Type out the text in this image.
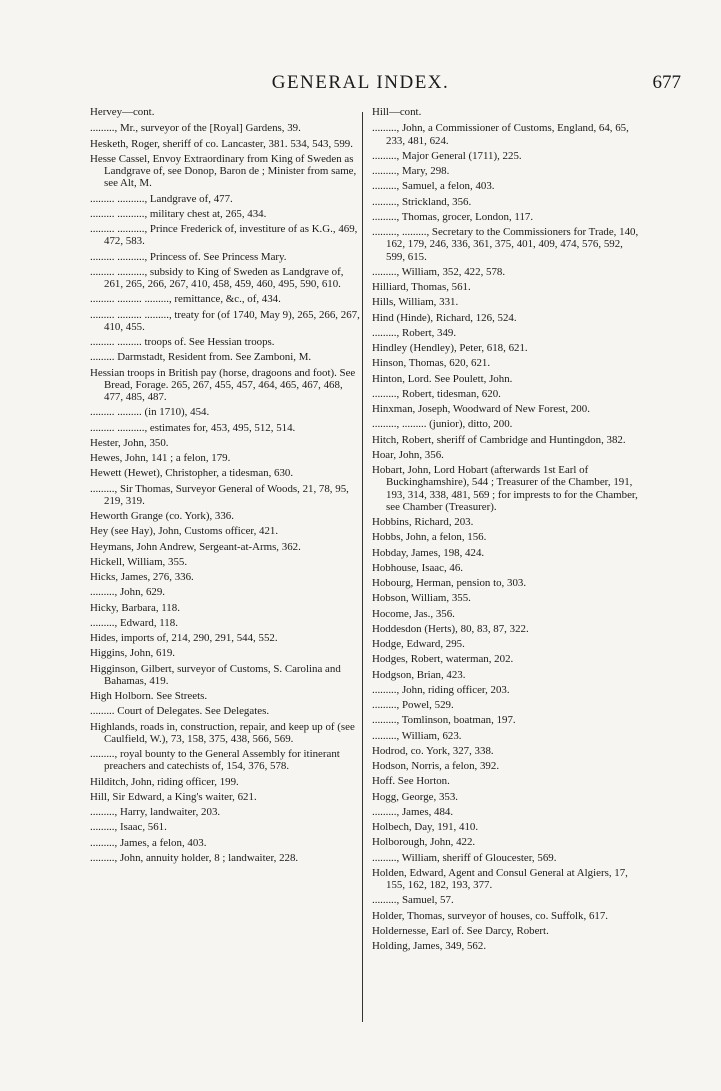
GENERAL INDEX.	677
Hervey—cont.
........., Mr., surveyor of the [Royal] Gardens, 39.
Hesketh, Roger, sheriff of co. Lancaster, 381. 534, 543, 599.
Hesse Cassel, Envoy Extraordinary from King of Sweden as Landgrave of, see Donop, Baron de ; Minister from same, see Alt, M.
......... .........., Landgrave of, 477.
......... .........., military chest at, 265, 434.
......... .........., Prince Frederick of, investiture of as K.G., 469, 472, 583.
......... .........., Princess of. See Princess Mary.
......... .........., subsidy to King of Sweden as Landgrave of, 261, 265, 266, 267, 410, 458, 459, 460, 495, 590, 610.
......... ......... ........., remittance, &c., of, 434.
......... ......... ........., treaty for (of 1740, May 9), 265, 266, 267, 410, 455.
......... ......... troops of. See Hessian troops.
......... Darmstadt, Resident from. See Zamboni, M.
Hessian troops in British pay (horse, dragoons and foot). See Bread, Forage. 265, 267, 455, 457, 464, 465, 467, 468, 477, 485, 487.
......... ......... (in 1710), 454.
......... .........., estimates for, 453, 495, 512, 514.
Hester, John, 350.
Hewes, John, 141 ; a felon, 179.
Hewett (Hewet), Christopher, a tidesman, 630.
........., Sir Thomas, Surveyor General of Woods, 21, 78, 95, 219, 319.
Heworth Grange (co. York), 336.
Hey (see Hay), John, Customs officer, 421.
Heymans, John Andrew, Sergeant-at-Arms, 362.
Hickell, William, 355.
Hicks, James, 276, 336.
........., John, 629.
Hicky, Barbara, 118.
........., Edward, 118.
Hides, imports of, 214, 290, 291, 544, 552.
Higgins, John, 619.
Higginson, Gilbert, surveyor of Customs, S. Carolina and Bahamas, 419.
High Holborn. See Streets.
......... Court of Delegates. See Delegates.
Highlands, roads in, construction, repair, and keep up of (see Caulfield, W.), 73, 158, 375, 438, 566, 569.
........., royal bounty to the General Assembly for itinerant preachers and catechists of, 154, 376, 578.
Hilditch, John, riding officer, 199.
Hill, Sir Edward, a King's waiter, 621.
........., Harry, landwaiter, 203.
........., Isaac, 561.
........., James, a felon, 403.
........., John, annuity holder, 8 ; landwaiter, 228.
Hill—cont.
........., John, a Commissioner of Customs, England, 64, 65, 233, 481, 624.
........., Major General (1711), 225.
........., Mary, 298.
........., Samuel, a felon, 403.
........., Strickland, 356.
........., Thomas, grocer, London, 117.
........., ........., Secretary to the Commissioners for Trade, 140, 162, 179, 246, 336, 361, 375, 401, 409, 474, 576, 592, 599, 615.
........., William, 352, 422, 578.
Hilliard, Thomas, 561.
Hills, William, 331.
Hind (Hinde), Richard, 126, 524.
........., Robert, 349.
Hindley (Hendley), Peter, 618, 621.
Hinson, Thomas, 620, 621.
Hinton, Lord. See Poulett, John.
........., Robert, tidesman, 620.
Hinxman, Joseph, Woodward of New Forest, 200.
........., ......... (junior), ditto, 200.
Hitch, Robert, sheriff of Cambridge and Huntingdon, 382.
Hoar, John, 356.
Hobart, John, Lord Hobart (afterwards 1st Earl of Buckinghamshire), 544 ; Treasurer of the Chamber, 191, 193, 314, 338, 481, 569 ; for imprests to for the Chamber, see Chamber (Treasurer).
Hobbins, Richard, 203.
Hobbs, John, a felon, 156.
Hobday, James, 198, 424.
Hobhouse, Isaac, 46.
Hobourg, Herman, pension to, 303.
Hobson, William, 355.
Hocome, Jas., 356.
Hoddesdon (Herts), 80, 83, 87, 322.
Hodge, Edward, 295.
Hodges, Robert, waterman, 202.
Hodgson, Brian, 423.
........., John, riding officer, 203.
........., Powel, 529.
........., Tomlinson, boatman, 197.
........., William, 623.
Hodrod, co. York, 327, 338.
Hodson, Norris, a felon, 392.
Hoff. See Horton.
Hogg, George, 353.
........., James, 484.
Holbech, Day, 191, 410.
Holborough, John, 422.
........., William, sheriff of Gloucester, 569.
Holden, Edward, Agent and Consul General at Algiers, 17, 155, 162, 182, 193, 377.
........., Samuel, 57.
Holder, Thomas, surveyor of houses, co. Suffolk, 617.
Holdernesse, Earl of. See Darcy, Robert.
Holding, James, 349, 562.
